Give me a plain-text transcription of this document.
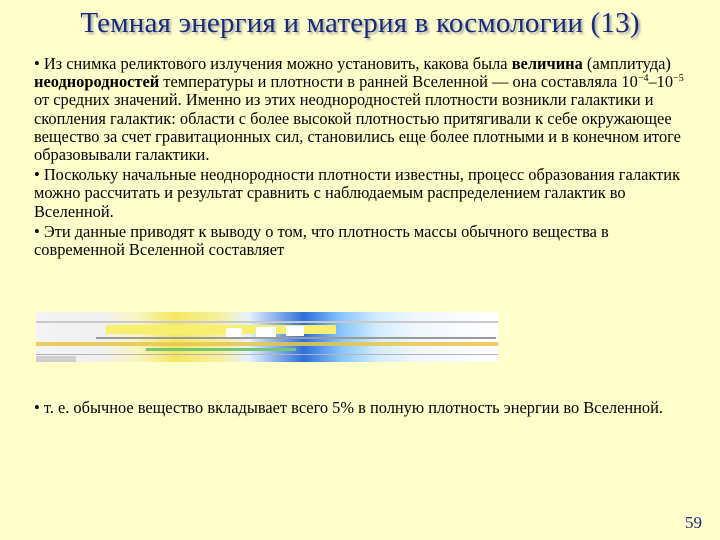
Темная энергия и материя в космологии (13)

• Из снимка реликтового излучения можно установить, какова была величина (амплитуда) неоднородностей температуры и плотности в ранней Вселенной — она составляла $10^{-4}-10^{-5}$ от средних значений. Именно из этих неоднородностей плотности возникли галактики и скопления галактик: области с более высокой плотностью притягивали к себе окружающее вещество за счет гравитационных сил, становились еще более плотными и в конечном итоге образовывали галактики.

• Поскольку начальные неоднородности плотности известны, процесс образования галактик можно рассчитать и результат сравнить с наблюдаемым распределением галактик во Вселенной.

• Эти данные приводят к выводу о том, что плотность массы обычного вещества в современной Вселенной составляет

• т. е. обычное вещество вкладывает всего 5% в полную плотность энергии во Вселенной.
59
